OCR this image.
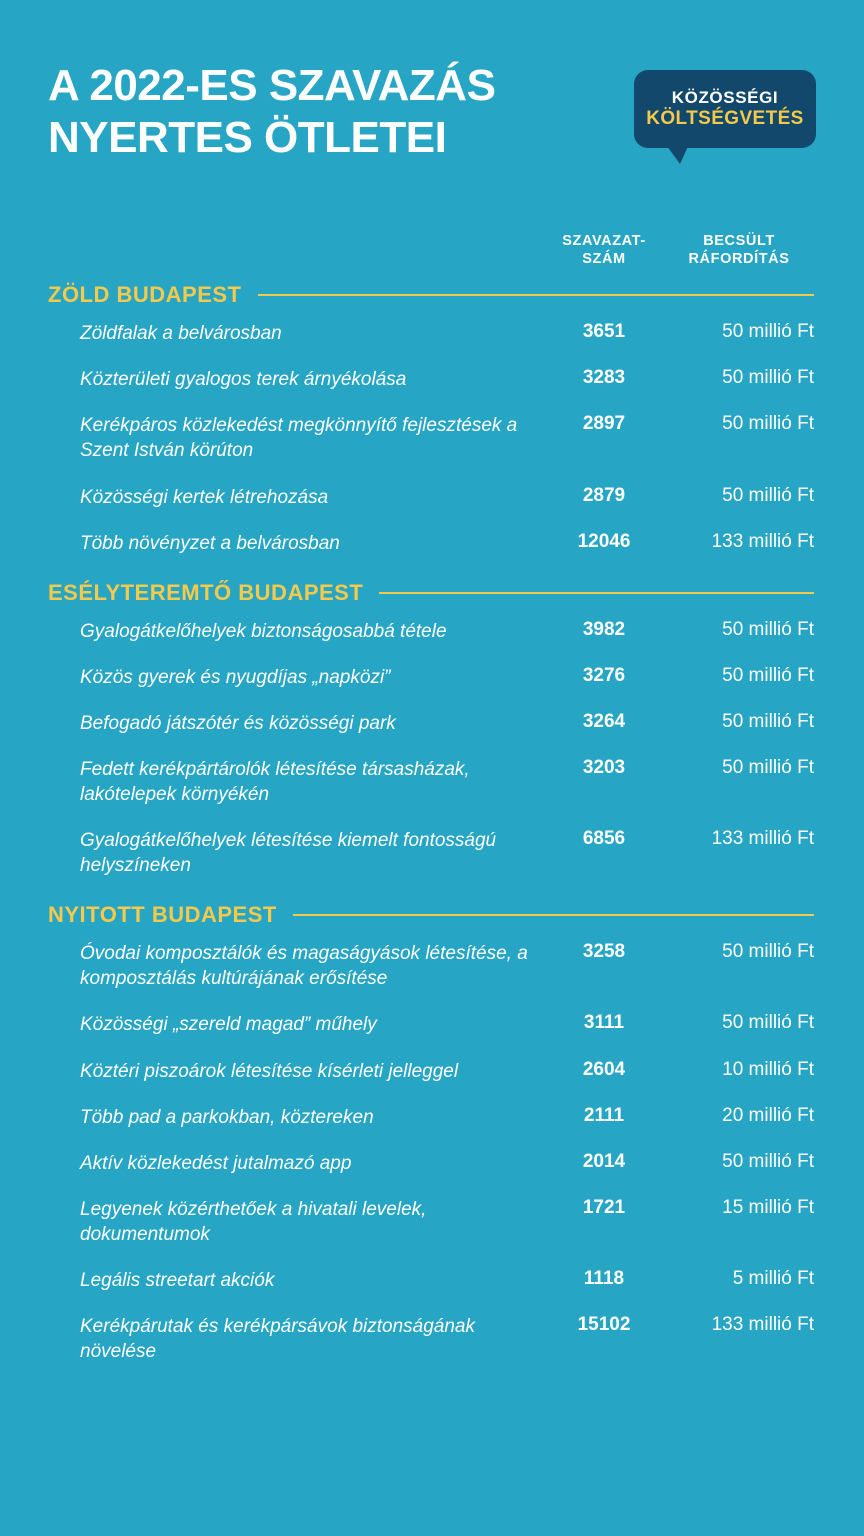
A 2022-ES SZAVAZÁS
NYERTES ÖTLETEI
KÖZÖSSÉGI
KÖLTSÉGVETÉS
SZAVAZAT-
SZÁM
BECSÜLT
RÁFORDÍTÁS
ZÖLD BUDAPEST
Zöldfalak a belvárosban	3651	50 millió Ft
Közterületi gyalogos terek árnyékolása	3283	50 millió Ft
Kerékpáros közlekedést megkönnyítő fejlesztések a Szent István körúton	2897	50 millió Ft
Közösségi kertek létrehozása	2879	50 millió Ft
Több növényzet a belvárosban	12046	133 millió Ft
ESÉLYTEREMTŐ BUDAPEST
Gyalogátkelőhelyek biztonságosabbá tétele	3982	50 millió Ft
Közös gyerek és nyugdíjas „napközi”	3276	50 millió Ft
Befogadó játszótér és közösségi park	3264	50 millió Ft
Fedett kerékpártárolók létesítése társasházak, lakótelepek környékén	3203	50 millió Ft
Gyalogátkelőhelyek létesítése kiemelt fontosságú helyszíneken	6856	133 millió Ft
NYITOTT BUDAPEST
Óvodai komposztálók és magaságyások létesítése, a komposztálás kultúrájának erősítése	3258	50 millió Ft
Közösségi „szereld magad” műhely	3111	50 millió Ft
Köztéri piszoárok létesítése kísérleti jelleggel	2604	10 millió Ft
Több pad a parkokban, köztereken	2111	20 millió Ft
Aktív közlekedést jutalmazó app	2014	50 millió Ft
Legyenek közérthetőek a hivatali levelek, dokumentumok	1721	15 millió Ft
Legális streetart akciók	1118	5 millió Ft
Kerékpárutak és kerékpársávok biztonságának növelése	15102	133 millió Ft
